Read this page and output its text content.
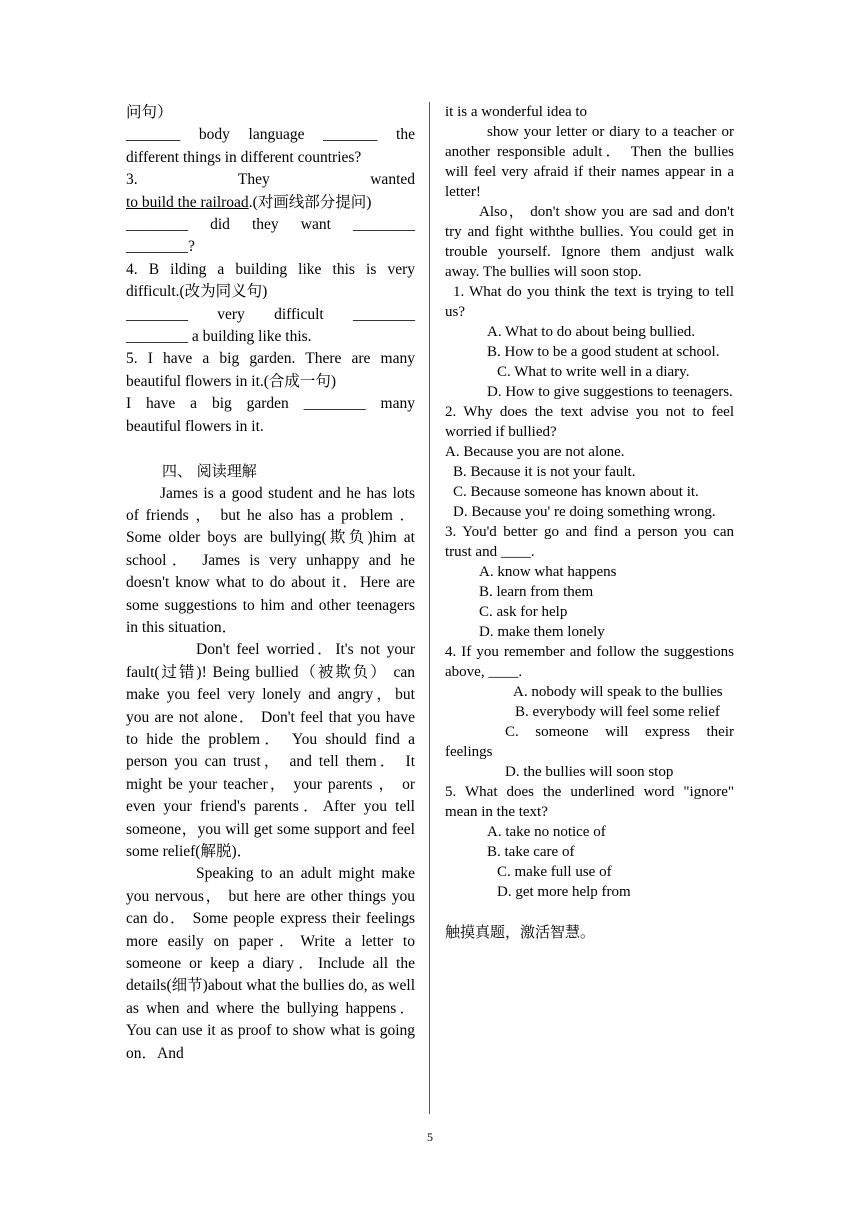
问句）
_______ body language _______ the
different things in different countries?
3. They wanted
to build the railroad.(对画线部分提问)
________ did they want ________
________?
4. B ilding a building like this is very
difficult.(改为同义句)
________ very difficult ________
________ a building like this.
5. I have a big garden. There are many
beautiful flowers in it.(合成一句)
I have a big garden ________ many
beautiful flowers in it.
四、 阅读理解
James is a good student and he has lots of friends ， but he also has a problem ． Some older boys are bullying(欺负)him at school． James is very unhappy and he doesn't know what to do about it．Here are some suggestions to him and other teenagers in this situation．
Don't feel worried．It's not your fault(过错)! Being bullied（被欺负） can make you feel very lonely and angry，but you are not alone． Don't feel that you have to hide the problem． You should find a person you can trust， and tell them． It might be your teacher， your parents ， or even your friend's parents．After you tell someone，you will get some support and feel some relief(解脱)．
Speaking to an adult might make you nervous， but here are other things you can do． Some people express their feelings more easily on paper．Write a letter to someone or keep a diary．Include all the details(细节)about what the bullies do, as well as when and where the bullying happens．You can use it as proof to show what is going on．And
it is a wonderful idea to
show your letter or diary to a teacher or another responsible adult． Then the bullies will feel very afraid if their names appear in a letter!
Also， don't show you are sad and don't try and fight withthe bullies. You could get in trouble yourself. Ignore them andjust walk away. The bullies will soon stop.
1. What do you think the text is trying to tell us?
A. What to do about being bullied.
B. How to be a good student at school.
C. What to write well in a diary.
D. How to give suggestions to teenagers.
2. Why does the text advise you not to feel worried if bullied?
A. Because you are not alone.
B. Because it is not your fault.
C. Because someone has known about it.
D. Because you' re doing something wrong.
3. You'd better go and find a person you can trust and ____.
A. know what happens
B. learn from them
C. ask for help
D. make them lonely
4. If you remember and follow the suggestions above, ____.
A. nobody will speak to the bullies
B. everybody will feel some relief
C. someone will express their feelings
D. the bullies will soon stop
5. What does the underlined word "ignore" mean in the text?
A. take no notice of
B. take care of
C. make full use of
D. get more help from
触摸真题，激活智慧。
5
